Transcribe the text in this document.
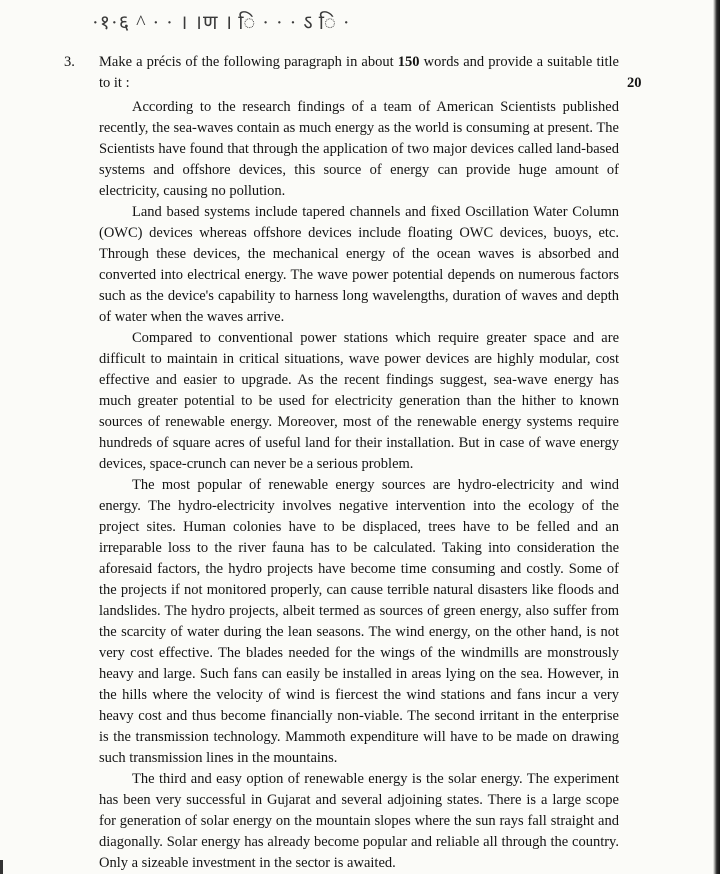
·१·६ ^ · · । ।ण । ि · · · ऽ ि ·
3. Make a précis of the following paragraph in about 150 words and provide a suitable title to it :	20

According to the research findings of a team of American Scientists published recently, the sea-waves contain as much energy as the world is consuming at present. The Scientists have found that through the application of two major devices called land-based systems and offshore devices, this source of energy can provide huge amount of electricity, causing no pollution.

Land based systems include tapered channels and fixed Oscillation Water Column (OWC) devices whereas offshore devices include floating OWC devices, buoys, etc. Through these devices, the mechanical energy of the ocean waves is absorbed and converted into electrical energy. The wave power potential depends on numerous factors such as the device's capability to harness long wavelengths, duration of waves and depth of water when the waves arrive.

Compared to conventional power stations which require greater space and are difficult to maintain in critical situations, wave power devices are highly modular, cost effective and easier to upgrade. As the recent findings suggest, sea-wave energy has much greater potential to be used for electricity generation than the hither to known sources of renewable energy. Moreover, most of the renewable energy systems require hundreds of square acres of useful land for their installation. But in case of wave energy devices, space-crunch can never be a serious problem.

The most popular of renewable energy sources are hydro-electricity and wind energy. The hydro-electricity involves negative intervention into the ecology of the project sites. Human colonies have to be displaced, trees have to be felled and an irreparable loss to the river fauna has to be calculated. Taking into consideration the aforesaid factors, the hydro projects have become time consuming and costly. Some of the projects if not monitored properly, can cause terrible natural disasters like floods and landslides. The hydro projects, albeit termed as sources of green energy, also suffer from the scarcity of water during the lean seasons. The wind energy, on the other hand, is not very cost effective. The blades needed for the wings of the windmills are monstrously heavy and large. Such fans can easily be installed in areas lying on the sea. However, in the hills where the velocity of wind is fiercest the wind stations and fans incur a very heavy cost and thus become financially non-viable. The second irritant in the enterprise is the transmission technology. Mammoth expenditure will have to be made on drawing such transmission lines in the mountains.

The third and easy option of renewable energy is the solar energy. The experiment has been very successful in Gujarat and several adjoining states. There is a large scope for generation of solar energy on the mountain slopes where the sun rays fall straight and diagonally. Solar energy has already become popular and reliable all through the country. Only a sizeable investment in the sector is awaited.
